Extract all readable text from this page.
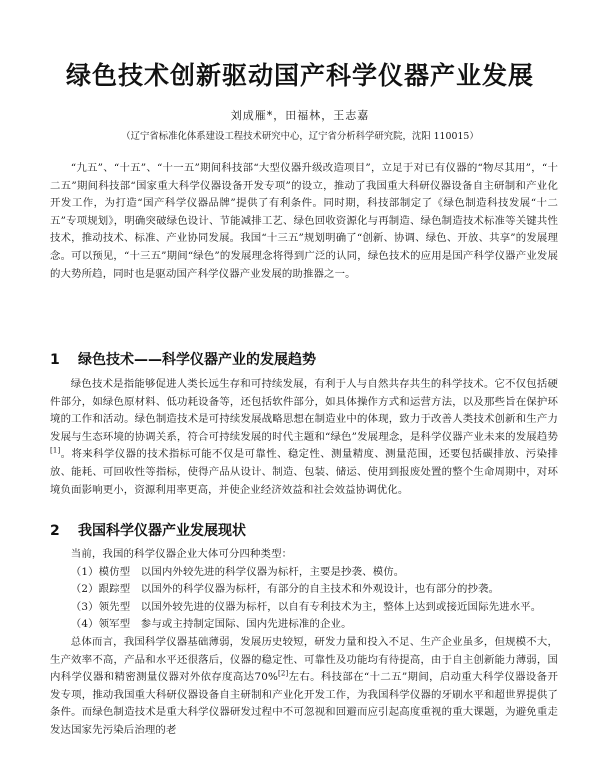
绿色技术创新驱动国产科学仪器产业发展
刘成雁*，田福林，王志嘉
（辽宁省标准化体系建设工程技术研究中心，辽宁省分析科学研究院，沈阳 110015）

“九五”、“十五”、“十一五”期间科技部“大型仪器升级改造项目”，立足于对已有仪器的“物尽其用”，“十二五”期间科技部“国家重大科学仪器设备开发专项”的设立，推动了我国重大科研仪器设备自主研制和产业化开发工作，为打造“国产科学仪器品牌”提供了有利条件。同时期，科技部制定了《绿色制造科技发展“十二五”专项规划》，明确突破绿色设计、节能减排工艺、绿色回收资源化与再制造、绿色制造技术标准等关键共性技术，推动技术、标准、产业协同发展。我国“十三五”规划明确了“创新、协调、绿色、开放、共享”的发展理念。可以预见，“十三五”期间“绿色”的发展理念将得到广泛的认同，绿色技术的应用是国产科学仪器产业发展的大势所趋，同时也是驱动国产科学仪器产业发展的助推器之一。

1 绿色技术——科学仪器产业的发展趋势

绿色技术是指能够促进人类长远生存和可持续发展，有利于人与自然共存共生的科学技术。它不仅包括硬件部分，如绿色原材料、低功耗设备等，还包括软件部分，如具体操作方式和运营方法，以及那些旨在保护环境的工作和活动。绿色制造技术是可持续发展战略思想在制造业中的体现，致力于改善人类技术创新和生产力发展与生态环境的协调关系，符合可持续发展的时代主题和“绿色”发展理念，是科学仪器产业未来的发展趋势[1]。将来科学仪器的技术指标可能不仅是可靠性、稳定性、测量精度、测量范围，还要包括碳排放、污染排放、能耗、可回收性等指标，使得产品从设计、制造、包装、储运、使用到报废处置的整个生命周期中，对环境负面影响更小，资源利用率更高，并使企业经济效益和社会效益协调优化。

2 我国科学仪器产业发展现状

当前，我国的科学仪器企业大体可分四种类型：

（1）模仿型　以国内外较先进的科学仪器为标杆，主要是抄袭、模仿。

（2）跟踪型　以国外的科学仪器为标杆，有部分的自主技术和外观设计，也有部分的抄袭。

（3）领先型　以国外较先进的仪器为标杆，以自有专利技术为主，整体上达到或接近国际先进水平。

（4）领军型　参与或主持制定国际、国内先进标准的企业。

总体而言，我国科学仪器基础薄弱，发展历史较短，研发力量和投入不足、生产企业虽多，但规模不大，生产效率不高，产品和水平还很落后，仪器的稳定性、可靠性及功能均有待提高，由于自主创新能力薄弱，国内科学仪器和精密测量仪器对外依存度高达70%[2]左右。科技部在“十二五”期间，启动重大科学仪器设备开发专项，推动我国重大科研仪器设备自主研制和产业化开发工作，为我国科学仪器的牙刷水平和超世界提供了条件。而绿色制造技术是重大科学仪器研发过程中不可忽视和回避而应引起高度重视的重大课题，为避免重走发达国家先污染后治理的老
